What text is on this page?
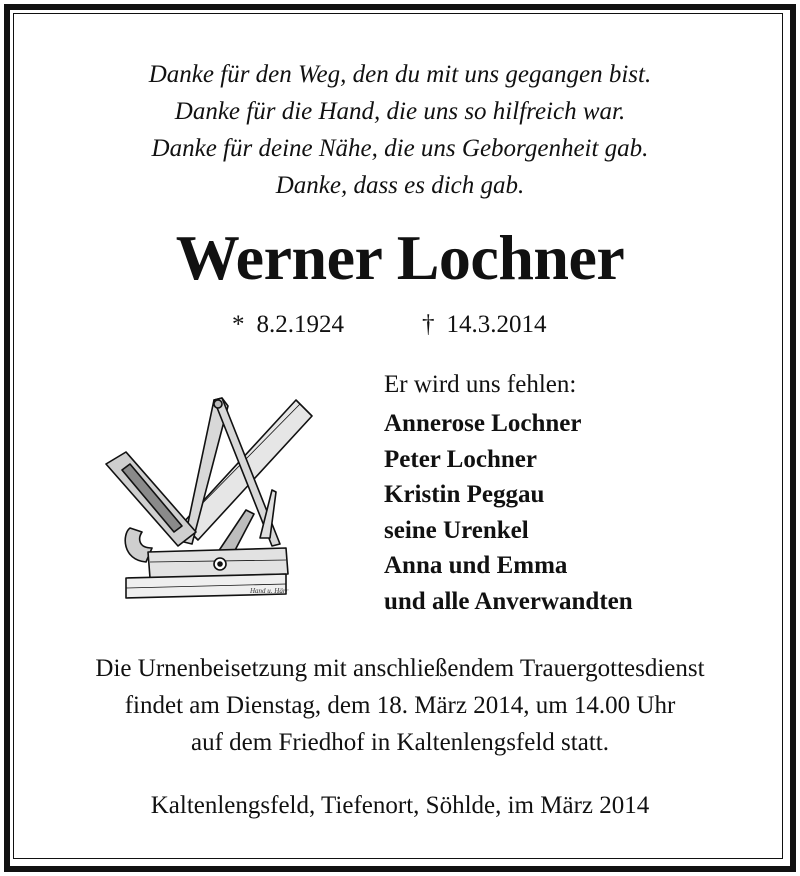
Danke für den Weg, den du mit uns gegangen bist.
Danke für die Hand, die uns so hilfreich war.
Danke für deine Nähe, die uns Geborgenheit gab.
Danke, dass es dich gab.
Werner Lochner
* 8.2.1924	† 14.3.2014
Hand u. Härr
Er wird uns fehlen:
Annerose Lochner
Peter Lochner
Kristin Peggau
seine Urenkel
Anna und Emma
und alle Anverwandten
Die Urnenbeisetzung mit anschließendem Trauergottesdienst
findet am Dienstag, dem 18. März 2014, um 14.00 Uhr
auf dem Friedhof in Kaltenlengsfeld statt.
Kaltenlengsfeld, Tiefenort, Söhlde, im März 2014
